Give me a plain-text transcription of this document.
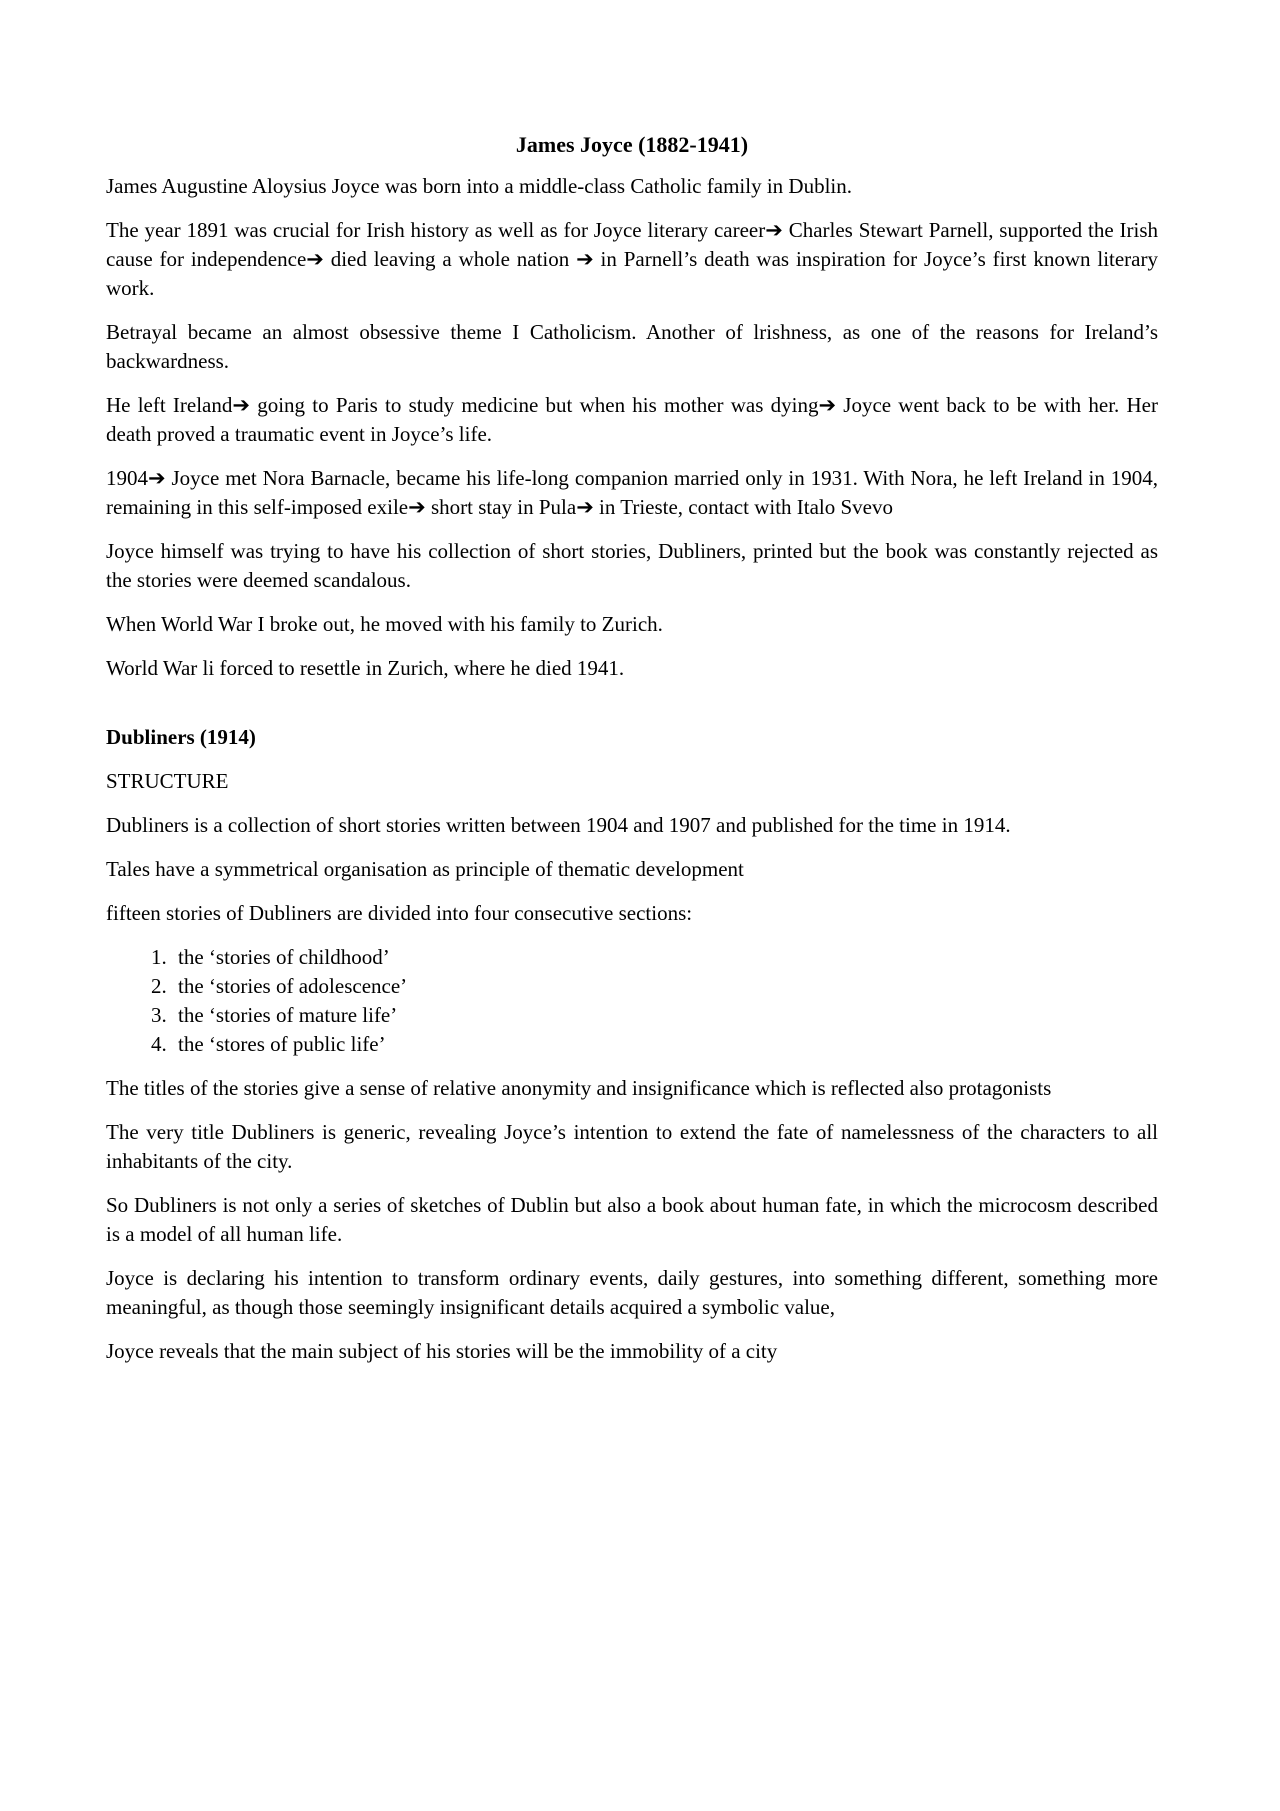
James Joyce (1882-1941)

James Augustine Aloysius Joyce was born into a middle-class Catholic family in Dublin.

The year 1891 was crucial for Irish history as well as for Joyce literary career➔ Charles Stewart Parnell, supported the Irish cause for independence➔ died leaving a whole nation ➔ in Parnell’s death was inspiration for Joyce’s first known literary work.

Betrayal became an almost obsessive theme I Catholicism. Another of lrishness, as one of the reasons for Ireland’s backwardness.

He left Ireland➔ going to Paris to study medicine but when his mother was dying➔ Joyce went back to be with her. Her death proved a traumatic event in Joyce’s life.

1904➔ Joyce met Nora Barnacle, became his life-long companion married only in 1931. With Nora, he left Ireland in 1904, remaining in this self-imposed exile➔ short stay in Pula➔ in Trieste, contact with Italo Svevo

Joyce himself was trying to have his collection of short stories, Dubliners, printed but the book was constantly rejected as the stories were deemed scandalous.

When World War I broke out, he moved with his family to Zurich.

World War li forced to resettle in Zurich, where he died 1941.

Dubliners (1914)

STRUCTURE

Dubliners is a collection of short stories written between 1904 and 1907 and published for the time in 1914.

Tales have a symmetrical organisation as principle of thematic development

fifteen stories of Dubliners are divided into four consecutive sections:

1. the ‘stories of childhood’
2. the ‘stories of adolescence’
3. the ‘stories of mature life’
4. the ‘stores of public life’

The titles of the stories give a sense of relative anonymity and insignificance which is reflected also protagonists

The very title Dubliners is generic, revealing Joyce’s intention to extend the fate of namelessness of the characters to all inhabitants of the city.

So Dubliners is not only a series of sketches of Dublin but also a book about human fate, in which the microcosm described is a model of all human life.

Joyce is declaring his intention to transform ordinary events, daily gestures, into something different, something more meaningful, as though those seemingly insignificant details acquired a symbolic value,

Joyce reveals that the main subject of his stories will be the immobility of a city
